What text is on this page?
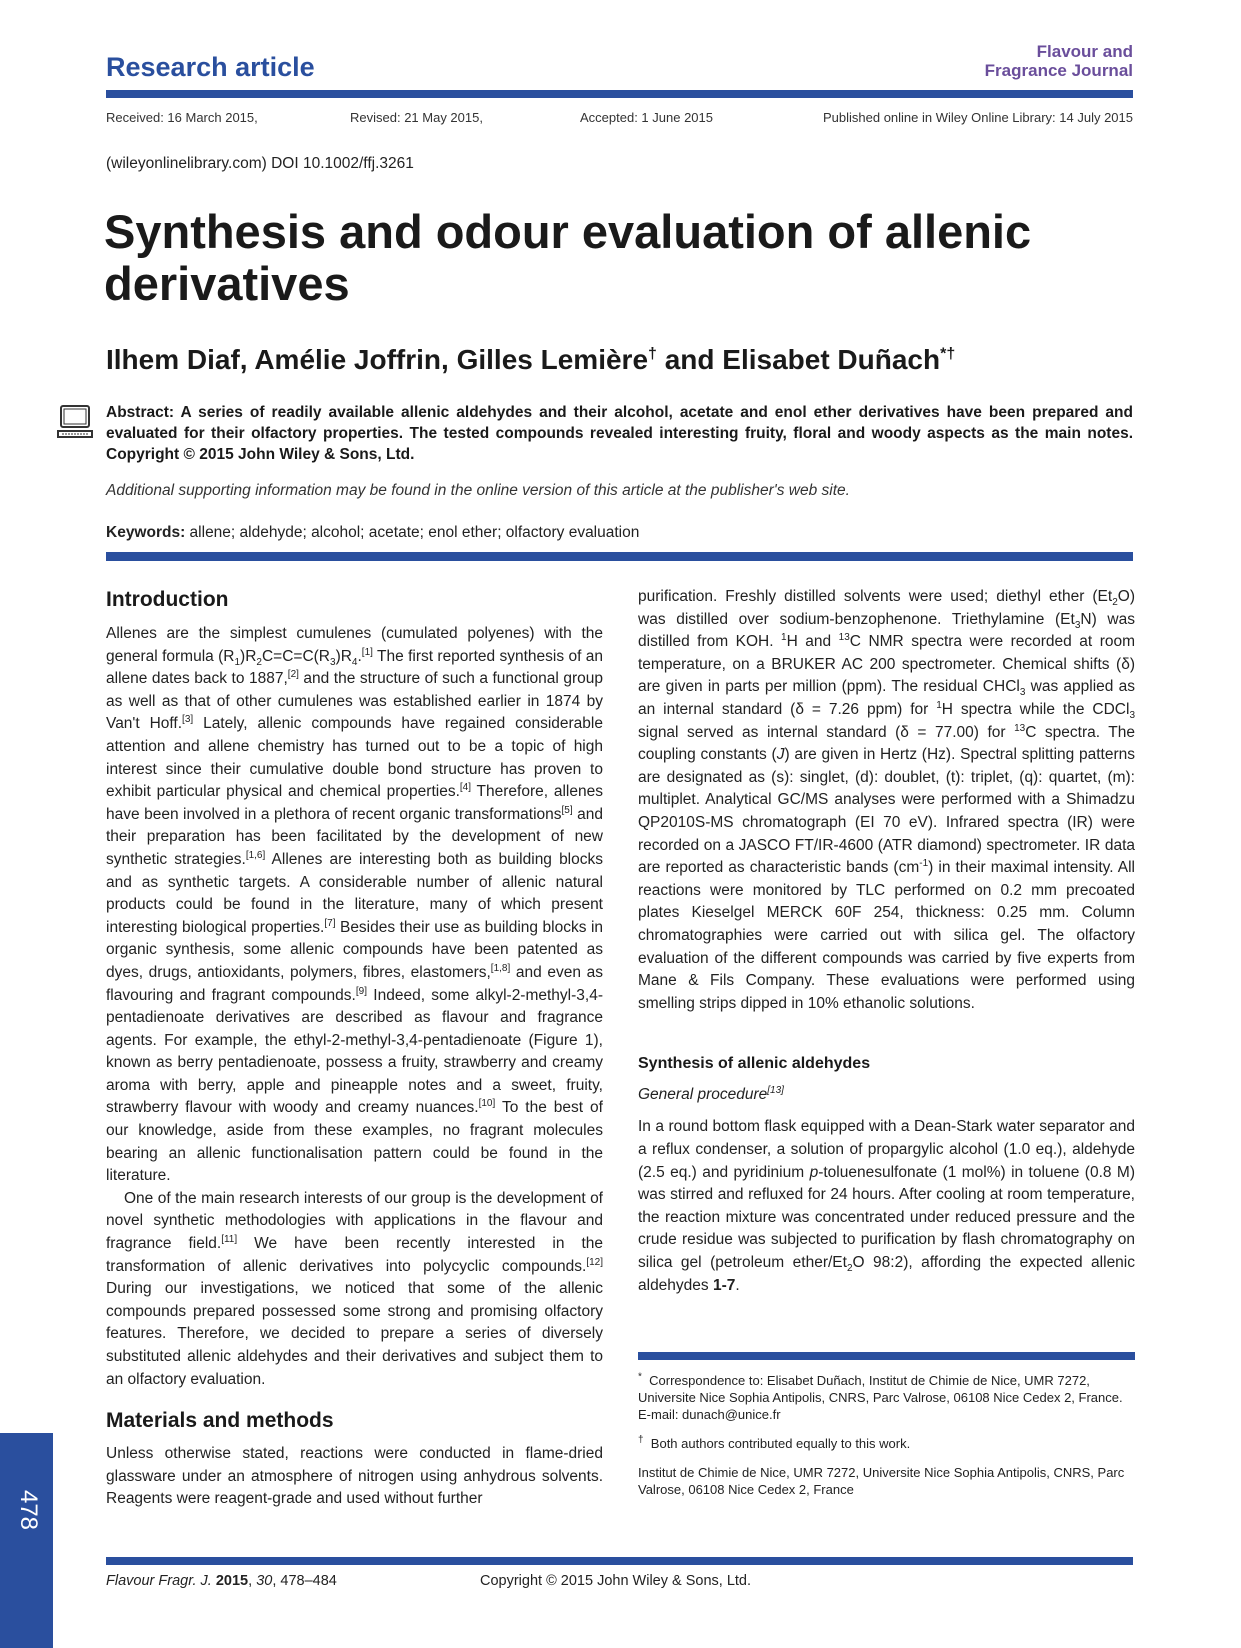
Research article
Flavour and
Fragrance Journal
Received: 16 March 2015,	Revised: 21 May 2015,	Accepted: 1 June 2015	Published online in Wiley Online Library: 14 July 2015
(wileyonlinelibrary.com) DOI 10.1002/ffj.3261
Synthesis and odour evaluation of allenic derivatives
Ilhem Diaf, Amélie Joffrin, Gilles Lemière† and Elisabet Duñach*†
Abstract: A series of readily available allenic aldehydes and their alcohol, acetate and enol ether derivatives have been prepared and evaluated for their olfactory properties. The tested compounds revealed interesting fruity, floral and woody aspects as the main notes. Copyright © 2015 John Wiley & Sons, Ltd.
Additional supporting information may be found in the online version of this article at the publisher's web site.
Keywords: allene; aldehyde; alcohol; acetate; enol ether; olfactory evaluation
Introduction

Allenes are the simplest cumulenes (cumulated polyenes) with the general formula $(R_1)R_2C=C=C(R_3)R_4.[1]$ The first reported synthesis of an allene dates back to 1887,[2] and the structure of such a functional group as well as that of other cumulenes was established earlier in 1874 by Van't Hoff.[3] Lately, allenic compounds have regained considerable attention and allene chemistry has turned out to be a topic of high interest since their cumulative double bond structure has proven to exhibit particular physical and chemical properties.[4] Therefore, allenes have been involved in a plethora of recent organic transformations[5] and their preparation has been facilitated by the development of new synthetic strategies.[1,6] Allenes are interesting both as building blocks and as synthetic targets. A considerable number of allenic natural products could be found in the literature, many of which present interesting biological properties.[7] Besides their use as building blocks in organic synthesis, some allenic compounds have been patented as dyes, drugs, antioxidants, polymers, fibres, elastomers,[1,8] and even as flavouring and fragrant compounds.[9] Indeed, some alkyl-2-methyl-3,4-pentadienoate derivatives are described as flavour and fragrance agents. For example, the ethyl-2-methyl-3,4-pentadienoate (Figure 1), known as berry pentadienoate, possess a fruity, strawberry and creamy aroma with berry, apple and pineapple notes and a sweet, fruity, strawberry flavour with woody and creamy nuances.[10] To the best of our knowledge, aside from these examples, no fragrant molecules bearing an allenic functionalisation pattern could be found in the literature.

One of the main research interests of our group is the development of novel synthetic methodologies with applications in the flavour and fragrance field.[11] We have been recently interested in the transformation of allenic derivatives into polycyclic compounds.[12] During our investigations, we noticed that some of the allenic compounds prepared possessed some strong and promising olfactory features. Therefore, we decided to prepare a series of diversely substituted allenic aldehydes and their derivatives and subject them to an olfactory evaluation.

Materials and methods

Unless otherwise stated, reactions were conducted in flame-dried glassware under an atmosphere of nitrogen using anhydrous solvents. Reagents were reagent-grade and used without further

purification. Freshly distilled solvents were used; diethyl ether $(Et_2O)$ was distilled over sodium-benzophenone. Triethylamine $(Et_3N)$ was distilled from KOH. $^1$H and $^{13}$C NMR spectra were recorded at room temperature, on a BRUKER AC 200 spectrometer. Chemical shifts (δ) are given in parts per million (ppm). The residual CHCl$_3$ was applied as an internal standard (δ = 7.26 ppm) for $^1$H spectra while the CDCl$_3$ signal served as internal standard (δ = 77.00) for $^{13}$C spectra. The coupling constants (J) are given in Hertz (Hz). Spectral splitting patterns are designated as (s): singlet, (d): doublet, (t): triplet, (q): quartet, (m): multiplet. Analytical GC/MS analyses were performed with a Shimadzu QP2010S-MS chromatograph (EI 70 eV). Infrared spectra (IR) were recorded on a JASCO FT/IR-4600 (ATR diamond) spectrometer. IR data are reported as characteristic bands $(cm^{-1})$ in their maximal intensity. All reactions were monitored by TLC performed on 0.2 mm precoated plates Kieselgel MERCK 60F 254, thickness: 0.25 mm. Column chromatographies were carried out with silica gel. The olfactory evaluation of the different compounds was carried by five experts from Mane & Fils Company. These evaluations were performed using smelling strips dipped in 10% ethanolic solutions.

Synthesis of allenic aldehydes

General procedure[13]

In a round bottom flask equipped with a Dean-Stark water separator and a reflux condenser, a solution of propargylic alcohol (1.0 eq.), aldehyde (2.5 eq.) and pyridinium p-toluenesulfonate (1 mol%) in toluene (0.8 M) was stirred and refluxed for 24 hours. After cooling at room temperature, the reaction mixture was concentrated under reduced pressure and the crude residue was subjected to purification by flash chromatography on silica gel (petroleum ether/$Et_2O$ 98:2), affording the expected allenic aldehydes 1-7.

* Correspondence to: Elisabet Duñach, Institut de Chimie de Nice, UMR 7272, Universite Nice Sophia Antipolis, CNRS, Parc Valrose, 06108 Nice Cedex 2, France. E-mail: dunach@unice.fr

† Both authors contributed equally to this work.

Institut de Chimie de Nice, UMR 7272, Universite Nice Sophia Antipolis, CNRS, Parc Valrose, 06108 Nice Cedex 2, France

478
Flavour Fragr. J. 2015, 30, 478–484	Copyright © 2015 John Wiley & Sons, Ltd.
